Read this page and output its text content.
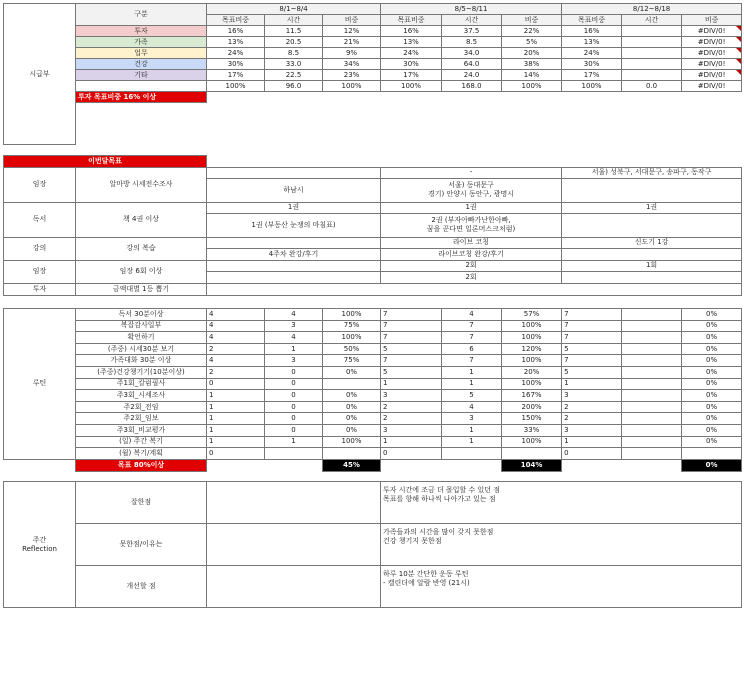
시급부	구분	8/1~8/4			8/5~8/11			8/12~8/18		
		목표비중	시간	비중	목표비중	시간	비중	목표비중	시간	비중
	투자	16%	11.5	12%	16%	37.5	22%	16%		#DIV/0!
	가족	13%	20.5	21%	13%	8.5	5%	13%		#DIV/0!
	업무	24%	8.5	9%	24%	34.0	20%	24%		#DIV/0!
	건강	30%	33.0	34%	30%	64.0	38%	30%		#DIV/0!
	기타	17%	22.5	23%	17%	24.0	14%	17%		#DIV/0!
		100%	96.0	100%	100%	168.0	100%	100%	0.0	#DIV/0!
	투자 목표비중 16% 이상									

이번달목표										
임장	알마방 시세전수조사				-			서울) 성북구, 서대문구, 송파구, 동작구		
		하남시			서울) 동대문구
경기) 안양시 동안구, 광명시					
독서	책 4권 이상	1권			1권			1권		
		1권 (부동산 눈쟁의 마침표)			2권 (부자아빠가난한아빠,
꿈을 꾼다면 일론머스크처럼)					
강의	강의 복습				라이브 코칭			신도기 1강		
		4주차 완강/후기			라이브코칭 완강/후기					
임장	임장 6회 이상				2회			1회		
					2회					
투자	금액대별 1등 뽑기									

루틴	독서 30분이상	4	4	100%	7	4	57%	7		0%
	복잡감사일부	4	3	75%	7	7	100%	7		0%
	확언하기	4	4	100%	7	7	100%	7		0%
	(주중) 시세30분 보기	2	1	50%	5	6	120%	5		0%
	가족대화 30분 이상	4	3	75%	7	7	100%	7		0%
	(주중)건강챙기기(10분이상)	2	0	0%	5	1	20%	5		0%
	주1회_칼럼필사	0	0		1	1	100%	1		0%
	주3회_시세조사	1	0	0%	3	5	167%	3		0%
	주2회_전임	1	0	0%	2	4	200%	2		0%
	주2회_임보	1	0	0%	2	3	150%	2		0%
	주3회_비교평가	1	0	0%	3	1	33%	3		0%
	(일) 주간 복기	1	1	100%	1	1	100%	1		0%
	(월) 복기/계획	0			0			0		
	목표 80%이상			45%			104%			0%

주간
Reflection	잘한점				투자 시간에 조금 더 몰입할 수 있던 점
목표를 향해 하나씩 나아가고 있는 점					
	못한점/이유는				가족들과의 시간을 많이 갖지 못한점
건강 챙기지 못한점					
	개선할 점				하루 10분 간단한 운동 루틴
- 캘린더에 알람 반영 (21시)					
